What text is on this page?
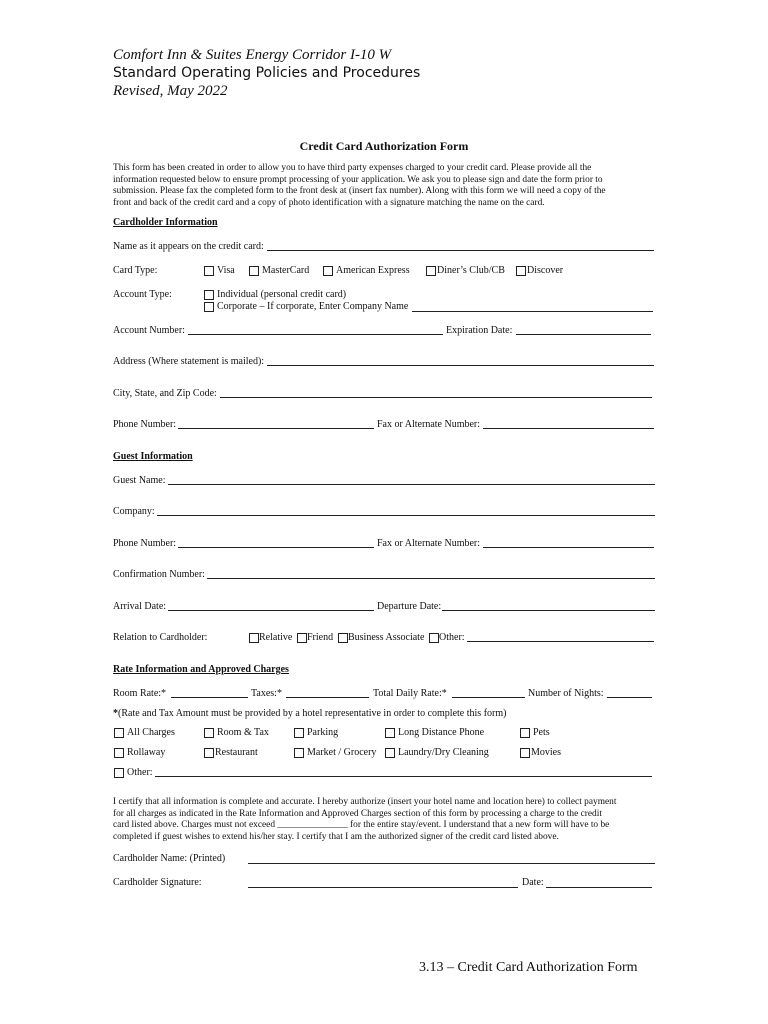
Comfort Inn & Suites Energy Corridor I-10 W
Standard Operating Policies and Procedures
Revised, May 2022
Credit Card Authorization Form
This form has been created in order to allow you to have third party expenses charged to your credit card. Please provide all the
information requested below to ensure prompt processing of your application. We ask you to please sign and date the form prior to
submission. Please fax the completed form to the front desk at (insert fax number). Along with this form we will need a copy of the
front and back of the credit card and a copy of photo identification with a signature matching the name on the card.
Cardholder Information
Name as it appears on the credit card:
Card Type:	Visa	MasterCard	American Express	Diner’s Club/CB Discover
Account Type:	Individual (personal credit card)
Corporate – If corporate, Enter Company Name
Account Number:	Expiration Date:
Address (Where statement is mailed):
City, State, and Zip Code:
Phone Number:	Fax or Alternate Number:
Guest Information
Guest Name:
Company:
Phone Number:	Fax or Alternate Number:
Confirmation Number:
Arrival Date:	Departure Date:
Relation to Cardholder:	Relative Friend Business Associate Other:
Rate Information and Approved Charges
Room Rate:*	Taxes:*	Total Daily Rate:*	Number of Nights:
*(Rate and Tax Amount must be provided by a hotel representative in order to complete this form)
All Charges	Room & Tax	Parking	Long Distance Phone	Pets
Rollaway	Restaurant	Market / Grocery Laundry/Dry Cleaning	Movies
Other:
I certify that all information is complete and accurate. I hereby authorize (insert your hotel name and location here) to collect payment
for all charges as indicated in the Rate Information and Approved Charges section of this form by processing a charge to the credit
card listed above. Charges must not exceed _______________ for the entire stay/event. I understand that a new form will have to be
completed if guest wishes to extend his/her stay. I certify that I am the authorized signer of the credit card listed above.
Cardholder Name: (Printed)
Cardholder Signature:	Date:
3.13 – Credit Card Authorization Form
